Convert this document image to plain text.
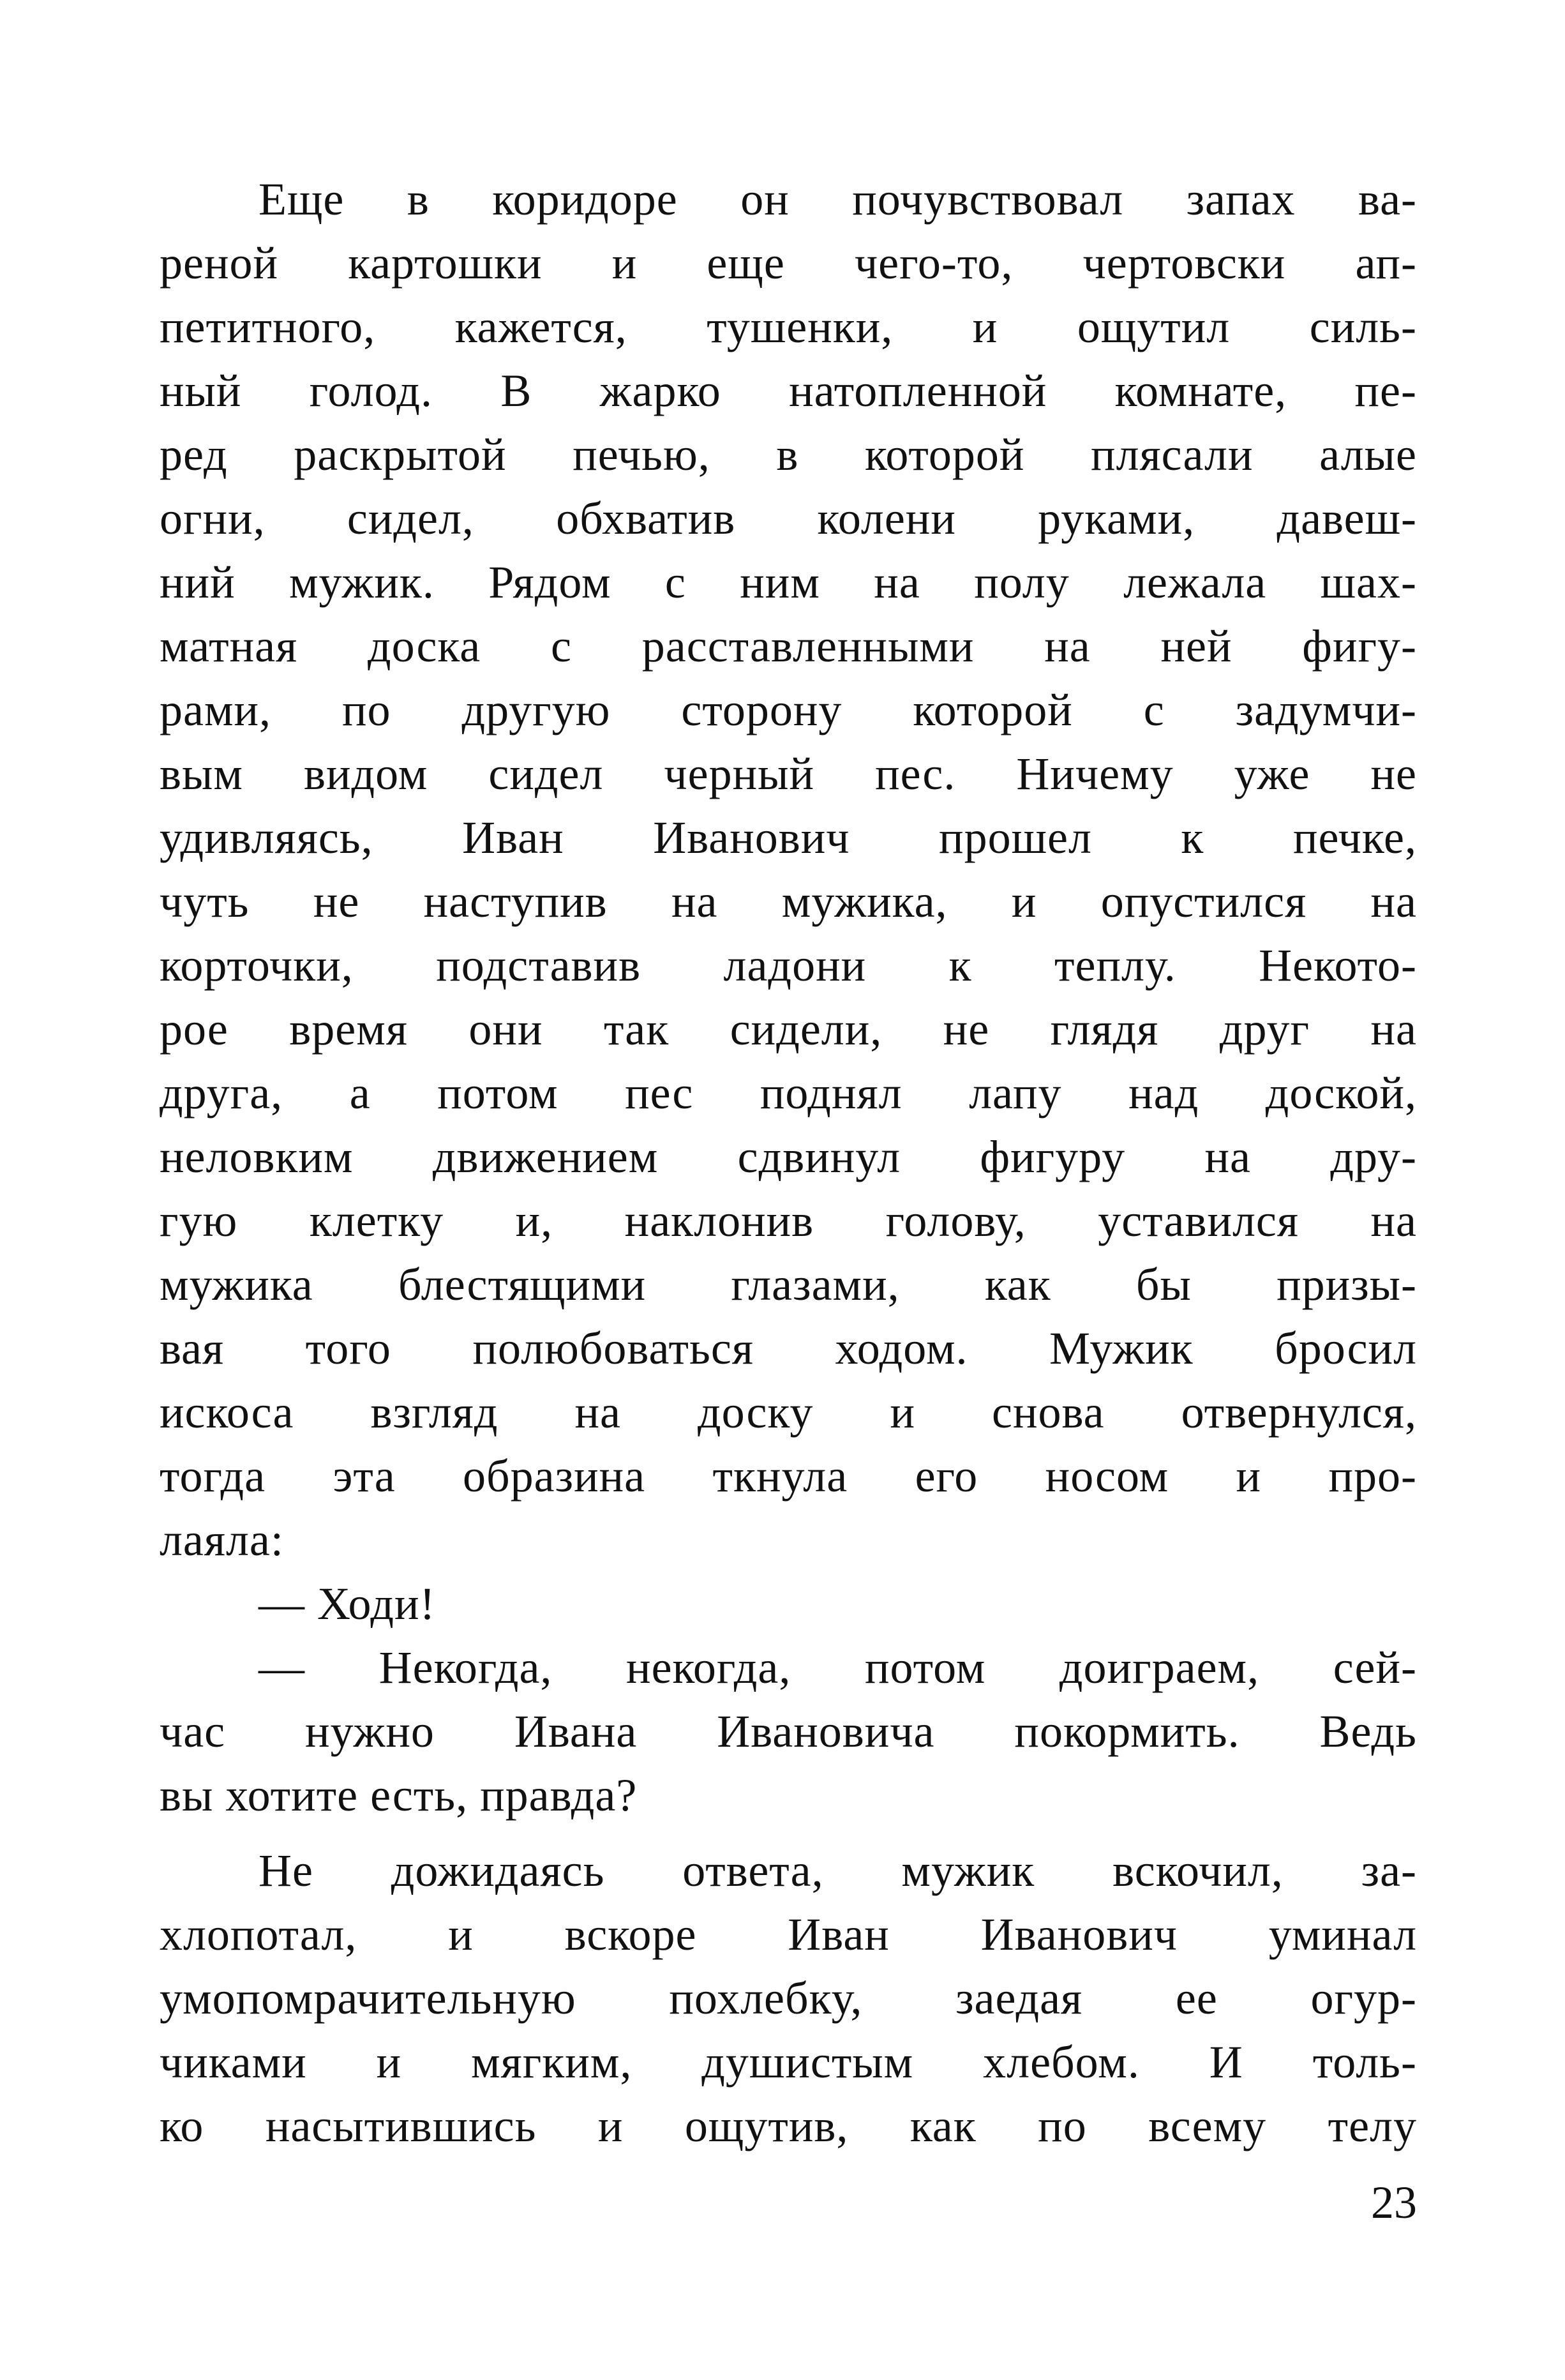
Еще в коридоре он почувствовал запах ва-
реной картошки и еще чего-то, чертовски ап-
петитного, кажется, тушенки, и ощутил силь-
ный голод. В жарко натопленной комнате, пе-
ред раскрытой печью, в которой плясали алые
огни, сидел, обхватив колени руками, давеш-
ний мужик. Рядом с ним на полу лежала шах-
матная доска с расставленными на ней фигу-
рами, по другую сторону которой с задумчи-
вым видом сидел черный пес. Ничему уже не
удивляясь, Иван Иванович прошел к печке,
чуть не наступив на мужика, и опустился на
корточки, подставив ладони к теплу. Некото-
рое время они так сидели, не глядя друг на
друга, а потом пес поднял лапу над доской,
неловким движением сдвинул фигуру на дру-
гую клетку и, наклонив голову, уставился на
мужика блестящими глазами, как бы призы-
вая того полюбоваться ходом. Мужик бросил
искоса взгляд на доску и снова отвернулся,
тогда эта образина ткнула его носом и про-
лаяла:
— Ходи!
— Некогда, некогда, потом доиграем, сей-
час нужно Ивана Ивановича покормить. Ведь
вы хотите есть, правда?
Не дожидаясь ответа, мужик вскочил, за-
хлопотал, и вскоре Иван Иванович уминал
умопомрачительную похлебку, заедая ее огур-
чиками и мягким, душистым хлебом. И толь-
ко насытившись и ощутив, как по всему телу
23
